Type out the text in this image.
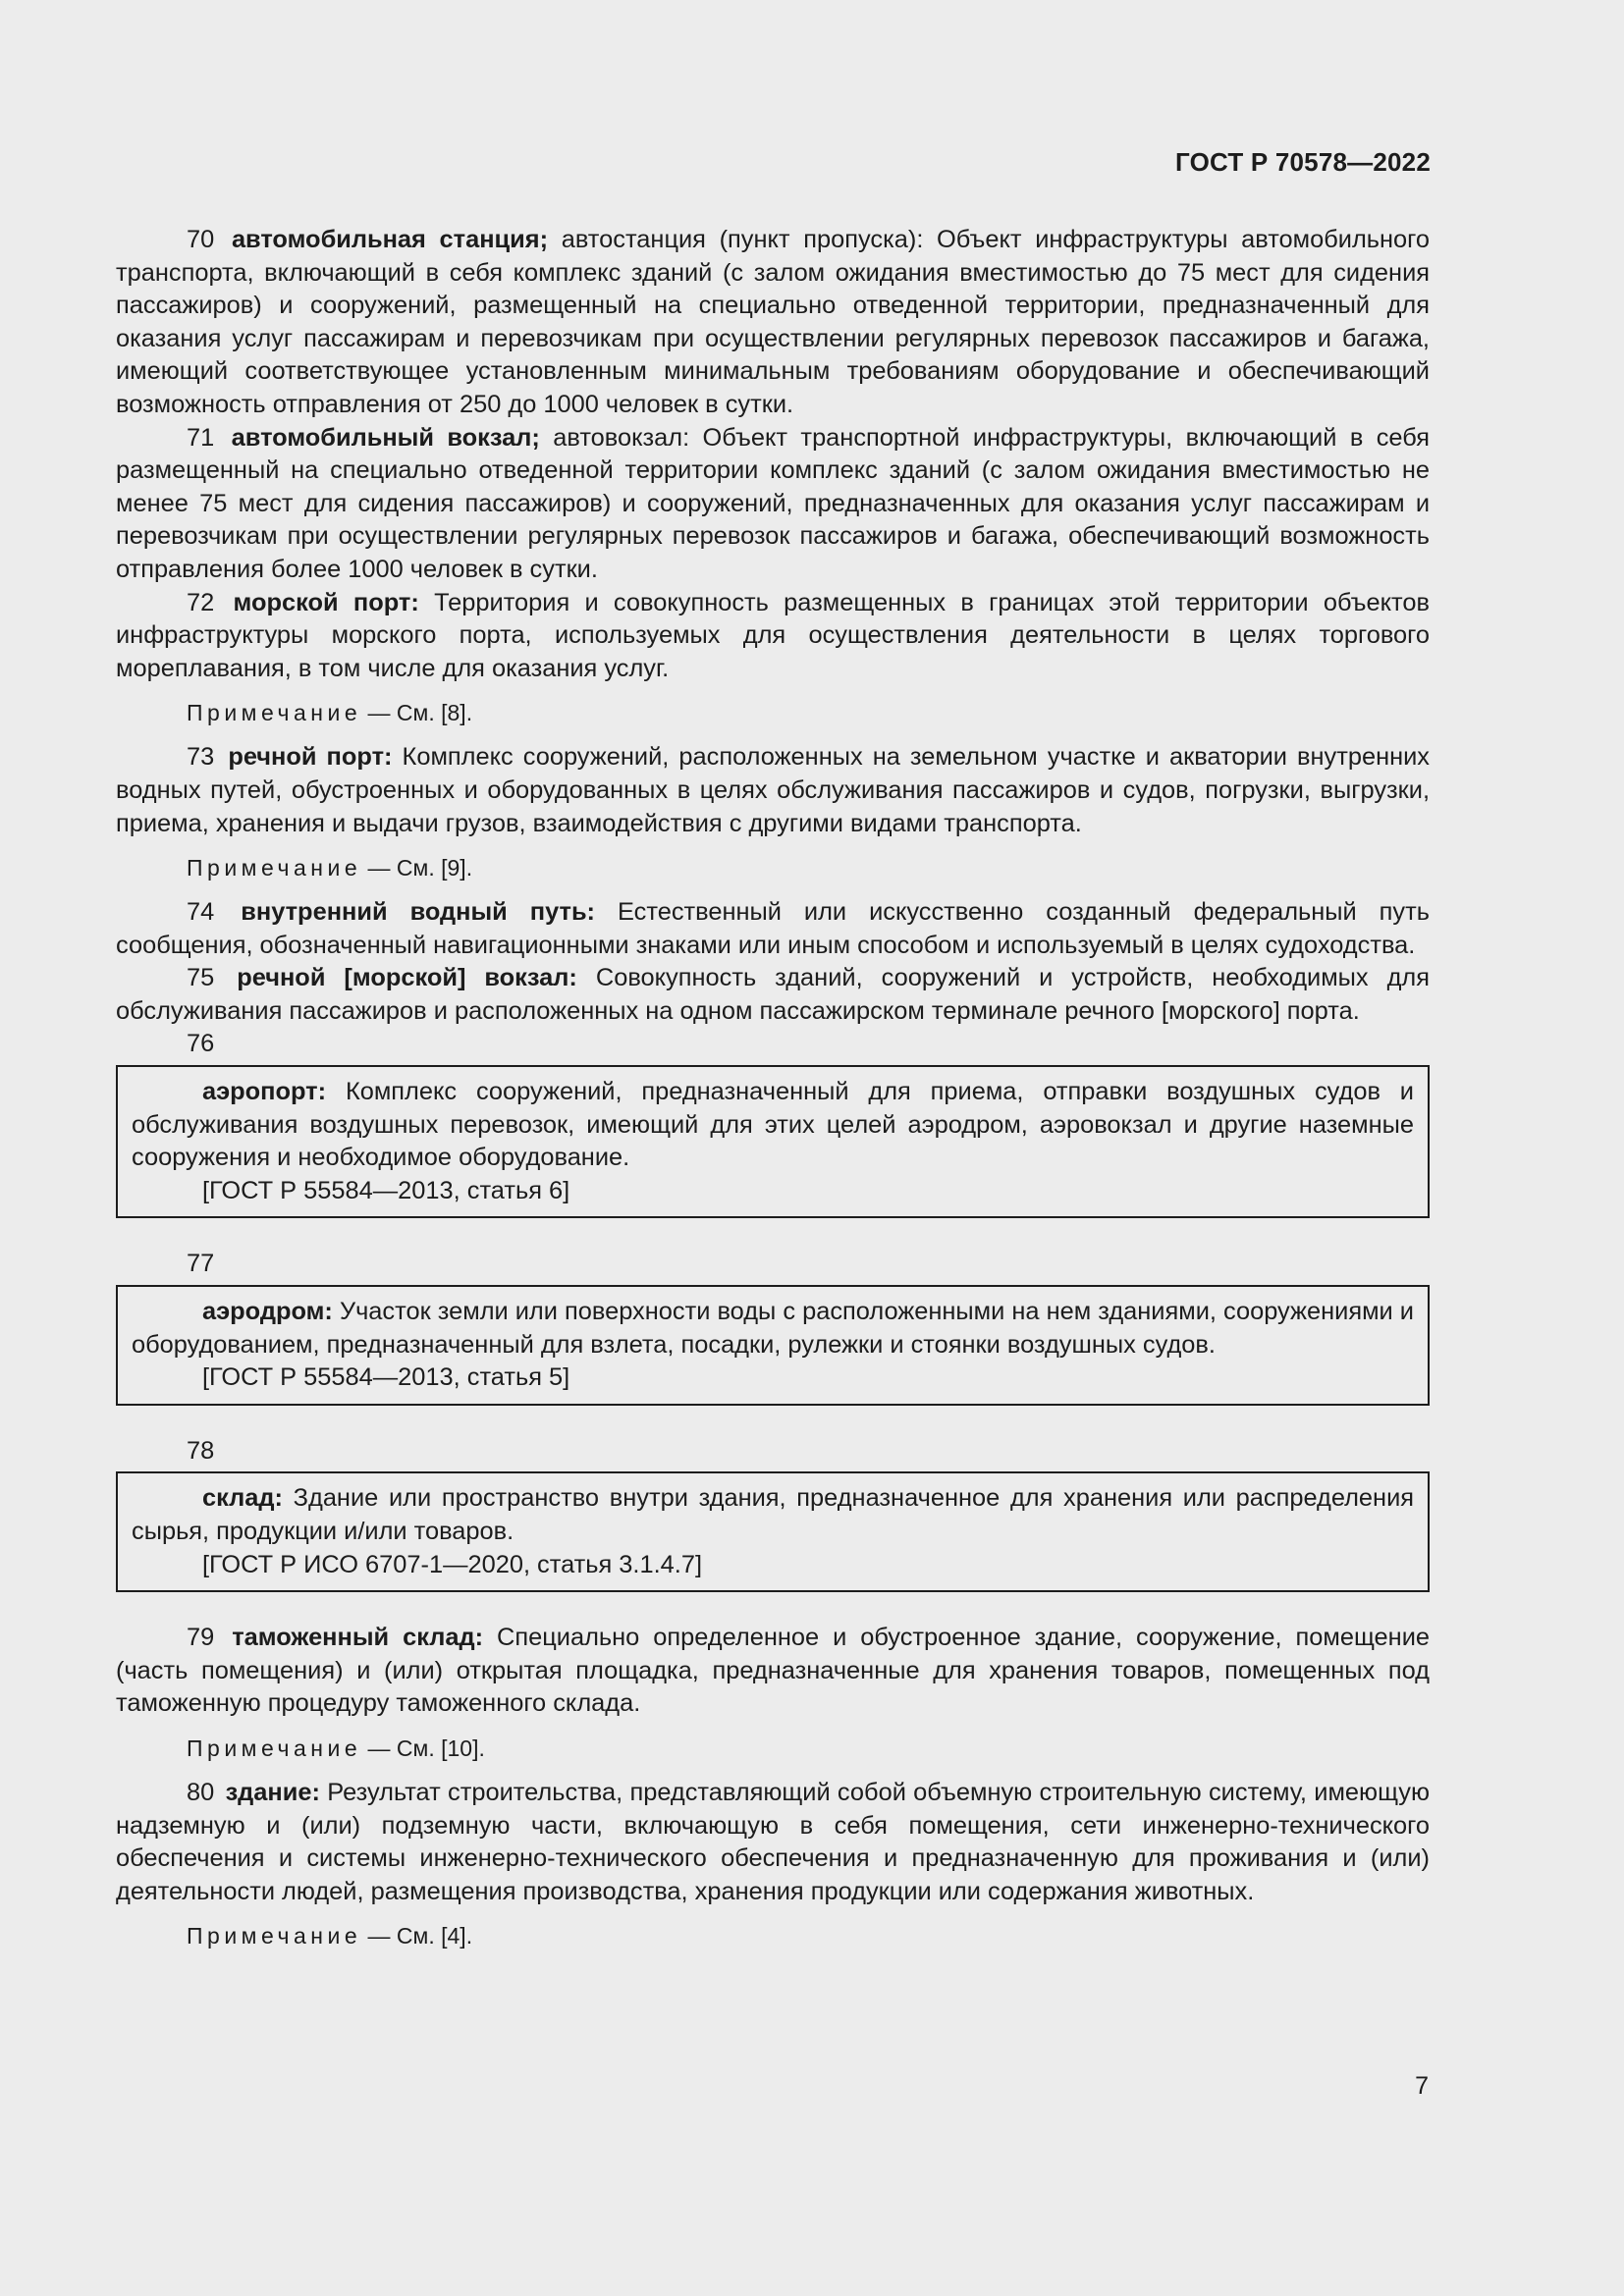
ГОСТ Р 70578—2022

70 автомобильная станция; автостанция (пункт пропуска): Объект инфраструктуры автомобильного транспорта, включающий в себя комплекс зданий (с залом ожидания вместимостью до 75 мест для сидения пассажиров) и сооружений, размещенный на специально отведенной территории, предназначенный для оказания услуг пассажирам и перевозчикам при осуществлении регулярных перевозок пассажиров и багажа, имеющий соответствующее установленным минимальным требованиям оборудование и обеспечивающий возможность отправления от 250 до 1000 человек в сутки.

71 автомобильный вокзал; автовокзал: Объект транспортной инфраструктуры, включающий в себя размещенный на специально отведенной территории комплекс зданий (с залом ожидания вместимостью не менее 75 мест для сидения пассажиров) и сооружений, предназначенных для оказания услуг пассажирам и перевозчикам при осуществлении регулярных перевозок пассажиров и багажа, обеспечивающий возможность отправления более 1000 человек в сутки.

72 морской порт: Территория и совокупность размещенных в границах этой территории объектов инфраструктуры морского порта, используемых для осуществления деятельности в целях торгового мореплавания, в том числе для оказания услуг.

Примечание — См. [8].

73 речной порт: Комплекс сооружений, расположенных на земельном участке и акватории внутренних водных путей, обустроенных и оборудованных в целях обслуживания пассажиров и судов, погрузки, выгрузки, приема, хранения и выдачи грузов, взаимодействия с другими видами транспорта.

Примечание — См. [9].

74 внутренний водный путь: Естественный или искусственно созданный федеральный путь сообщения, обозначенный навигационными знаками или иным способом и используемый в целях судоходства.

75 речной [морской] вокзал: Совокупность зданий, сооружений и устройств, необходимых для обслуживания пассажиров и расположенных на одном пассажирском терминале речного [морского] порта.

76

аэропорт: Комплекс сооружений, предназначенный для приема, отправки воздушных судов и обслуживания воздушных перевозок, имеющий для этих целей аэродром, аэровокзал и другие наземные сооружения и необходимое оборудование.

[ГОСТ Р 55584—2013, статья 6]

77

аэродром: Участок земли или поверхности воды с расположенными на нем зданиями, сооружениями и оборудованием, предназначенный для взлета, посадки, рулежки и стоянки воздушных судов.

[ГОСТ Р 55584—2013, статья 5]

78

склад: Здание или пространство внутри здания, предназначенное для хранения или распределения сырья, продукции и/или товаров.

[ГОСТ Р ИСО 6707-1—2020, статья 3.1.4.7]

79 таможенный склад: Специально определенное и обустроенное здание, сооружение, помещение (часть помещения) и (или) открытая площадка, предназначенные для хранения товаров, помещенных под таможенную процедуру таможенного склада.

Примечание — См. [10].

80 здание: Результат строительства, представляющий собой объемную строительную систему, имеющую надземную и (или) подземную части, включающую в себя помещения, сети инженерно-технического обеспечения и системы инженерно-технического обеспечения и предназначенную для проживания и (или) деятельности людей, размещения производства, хранения продукции или содержания животных.

Примечание — См. [4].

7
